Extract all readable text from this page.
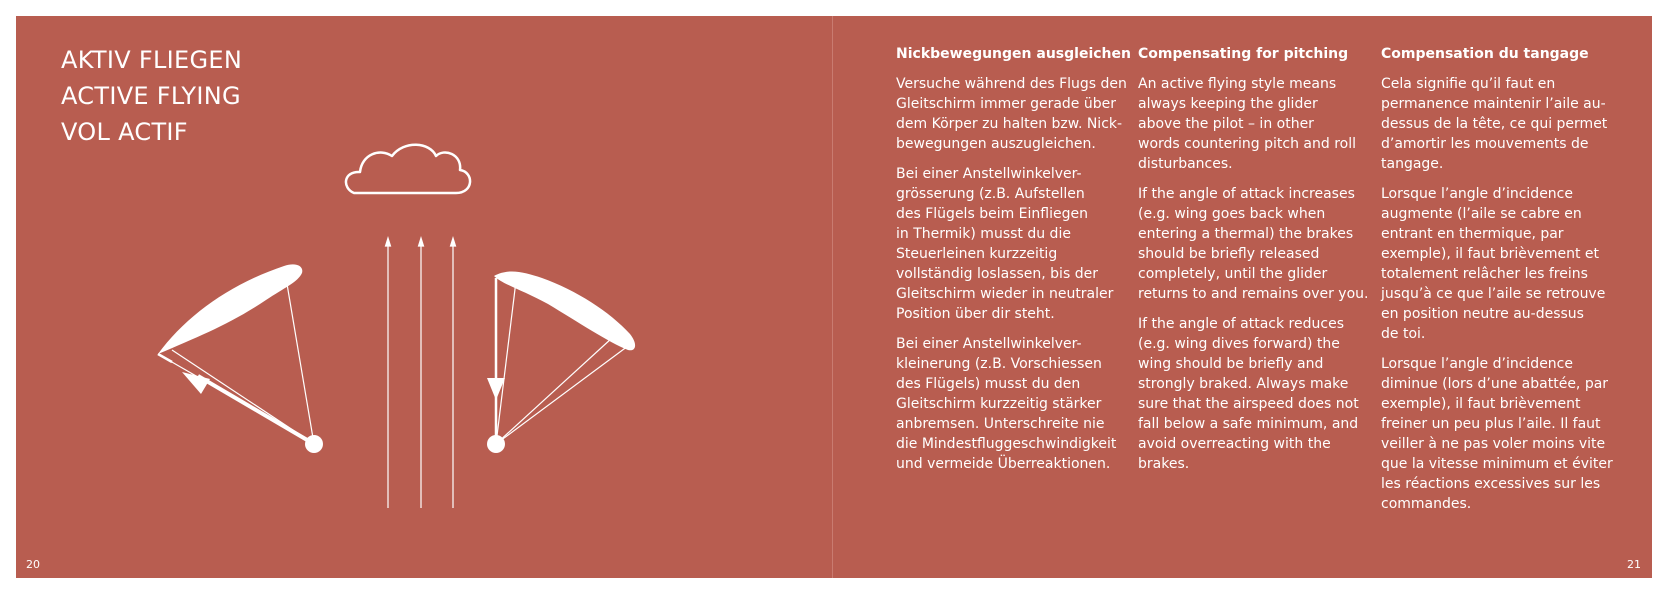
AKTIV FLIEGEN
ACTIVE FLYING
VOL ACTIF
Nickbewegungen ausgleichen

Versuche während des Flugs den
Gleitschirm immer gerade über
dem Körper zu halten bzw. Nick-
bewegungen auszugleichen.

Bei einer Anstellwinkelver-
grösserung (z.B. Aufstellen
des Flügels beim Einfliegen
in Thermik) musst du die
Steuerleinen kurzzeitig
vollständig loslassen, bis der
Gleitschirm wieder in neutraler
Position über dir steht.

Bei einer Anstellwinkelver-
kleinerung (z.B. Vorschiessen
des Flügels) musst du den
Gleitschirm kurzzeitig stärker
anbremsen. Unterschreite nie
die Mindestfluggeschwindigkeit
und vermeide Überreaktionen.

Compensating for pitching

An active flying style means
always keeping the glider
above the pilot – in other
words countering pitch and roll
disturbances.

If the angle of attack increases
(e.g. wing goes back when
entering a thermal) the brakes
should be briefly released
completely, until the glider
returns to and remains over you.

If the angle of attack reduces
(e.g. wing dives forward) the
wing should be briefly and
strongly braked. Always make
sure that the airspeed does not
fall below a safe minimum, and
avoid overreacting with the
brakes.

Compensation du tangage

Cela signifie qu’il faut en
permanence maintenir l’aile au-
dessus de la tête, ce qui permet
d’amortir les mouvements de
tangage.

Lorsque l’angle d’incidence
augmente (l’aile se cabre en
entrant en thermique, par
exemple), il faut brièvement et
totalement relâcher les freins
jusqu’à ce que l’aile se retrouve
en position neutre au-dessus
de toi.

Lorsque l’angle d’incidence
diminue (lors d’une abattée, par
exemple), il faut brièvement
freiner un peu plus l’aile. Il faut
veiller à ne pas voler moins vite
que la vitesse minimum et éviter
les réactions excessives sur les
commandes.

20	21
